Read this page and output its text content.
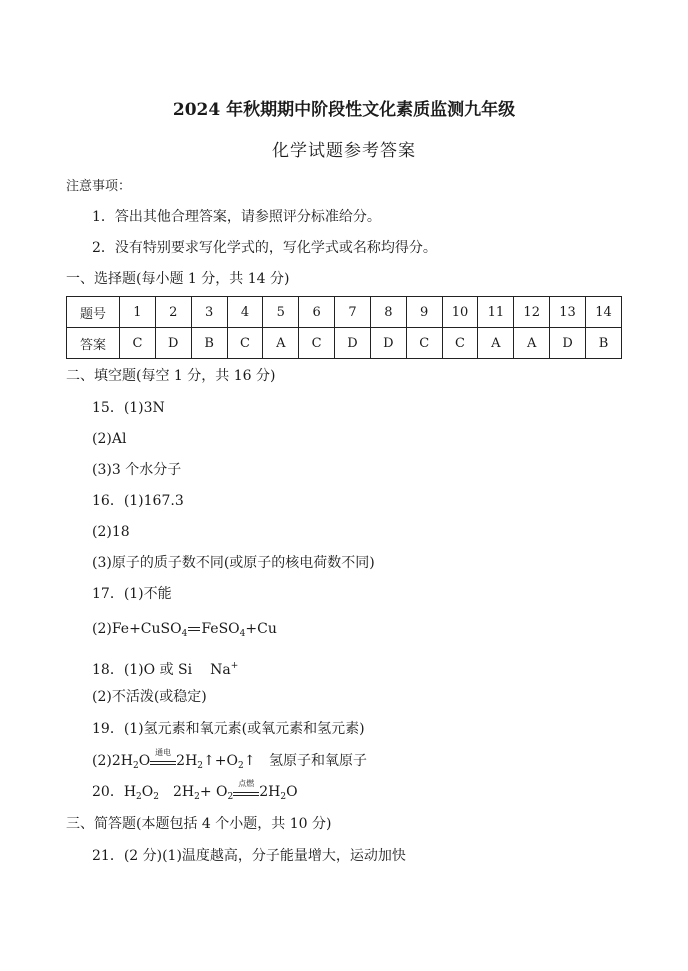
2024 年秋期期中阶段性文化素质监测九年级
化学试题参考答案
注意事项：
1．答出其他合理答案，请参照评分标准给分。
2．没有特别要求写化学式的，写化学式或名称均得分。
一、选择题(每小题 1 分，共 14 分)
题号	1	2	3	4	5	6	7	8	9	10	11	12	13	14
答案	C	D	B	C	A	C	D	D	C	C	A	A	D	B
二、填空题(每空 1 分，共 16 分)
15．(1)3N
(2)Al
(3)3 个水分子
16．(1)167.3
(2)18
(3)原子的质子数不同(或原子的核电荷数不同)
17．(1)不能
(2)Fe+CuSO$_4$ FeSO$_4$+Cu
18．(1)O 或 Si Na+
(2)不活泼(或稳定)
19．(1)氢元素和氧元素(或氧元素和氢元素)
$(2)2H_2O$
通电
$2H_2↑+O_2↑$ 氢原子和氧原子
20．$H_2O_2$ $2H_2+ O_2$
点燃
$2H_2O$
三、简答题(本题包括 4 个小题，共 10 分)
21．(2 分)(1)温度越高，分子能量增大，运动加快
